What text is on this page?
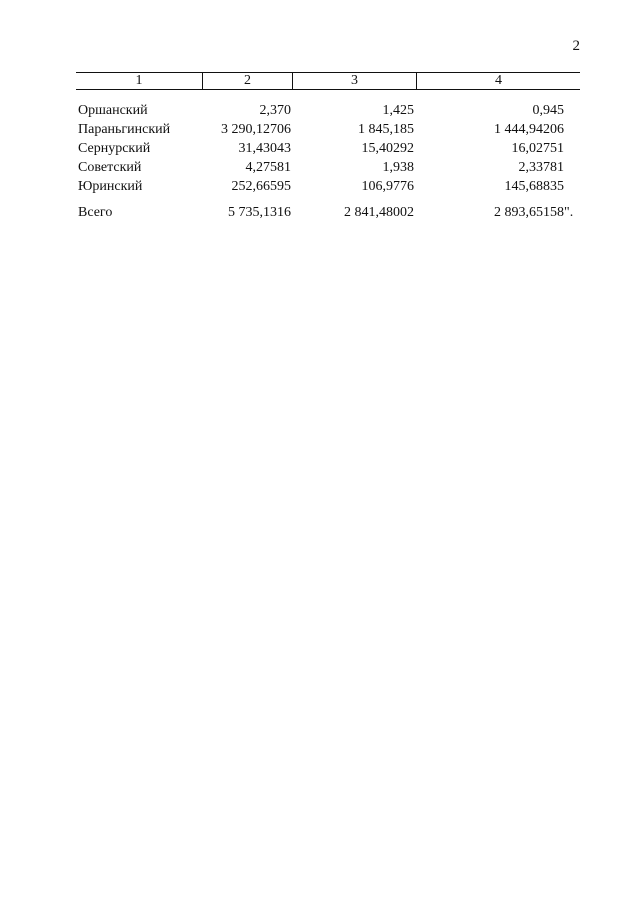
2
1	2	3	4
Оршанский	2,370	1,425	0,945
Параньгинский	3 290,12706	1 845,185	1 444,94206
Сернурский	31,43043	15,40292	16,02751
Советский	4,27581	1,938	2,33781
Юринский	252,66595	106,9776	145,68835
Всего	5 735,1316	2 841,48002	2 893,65158 ".
